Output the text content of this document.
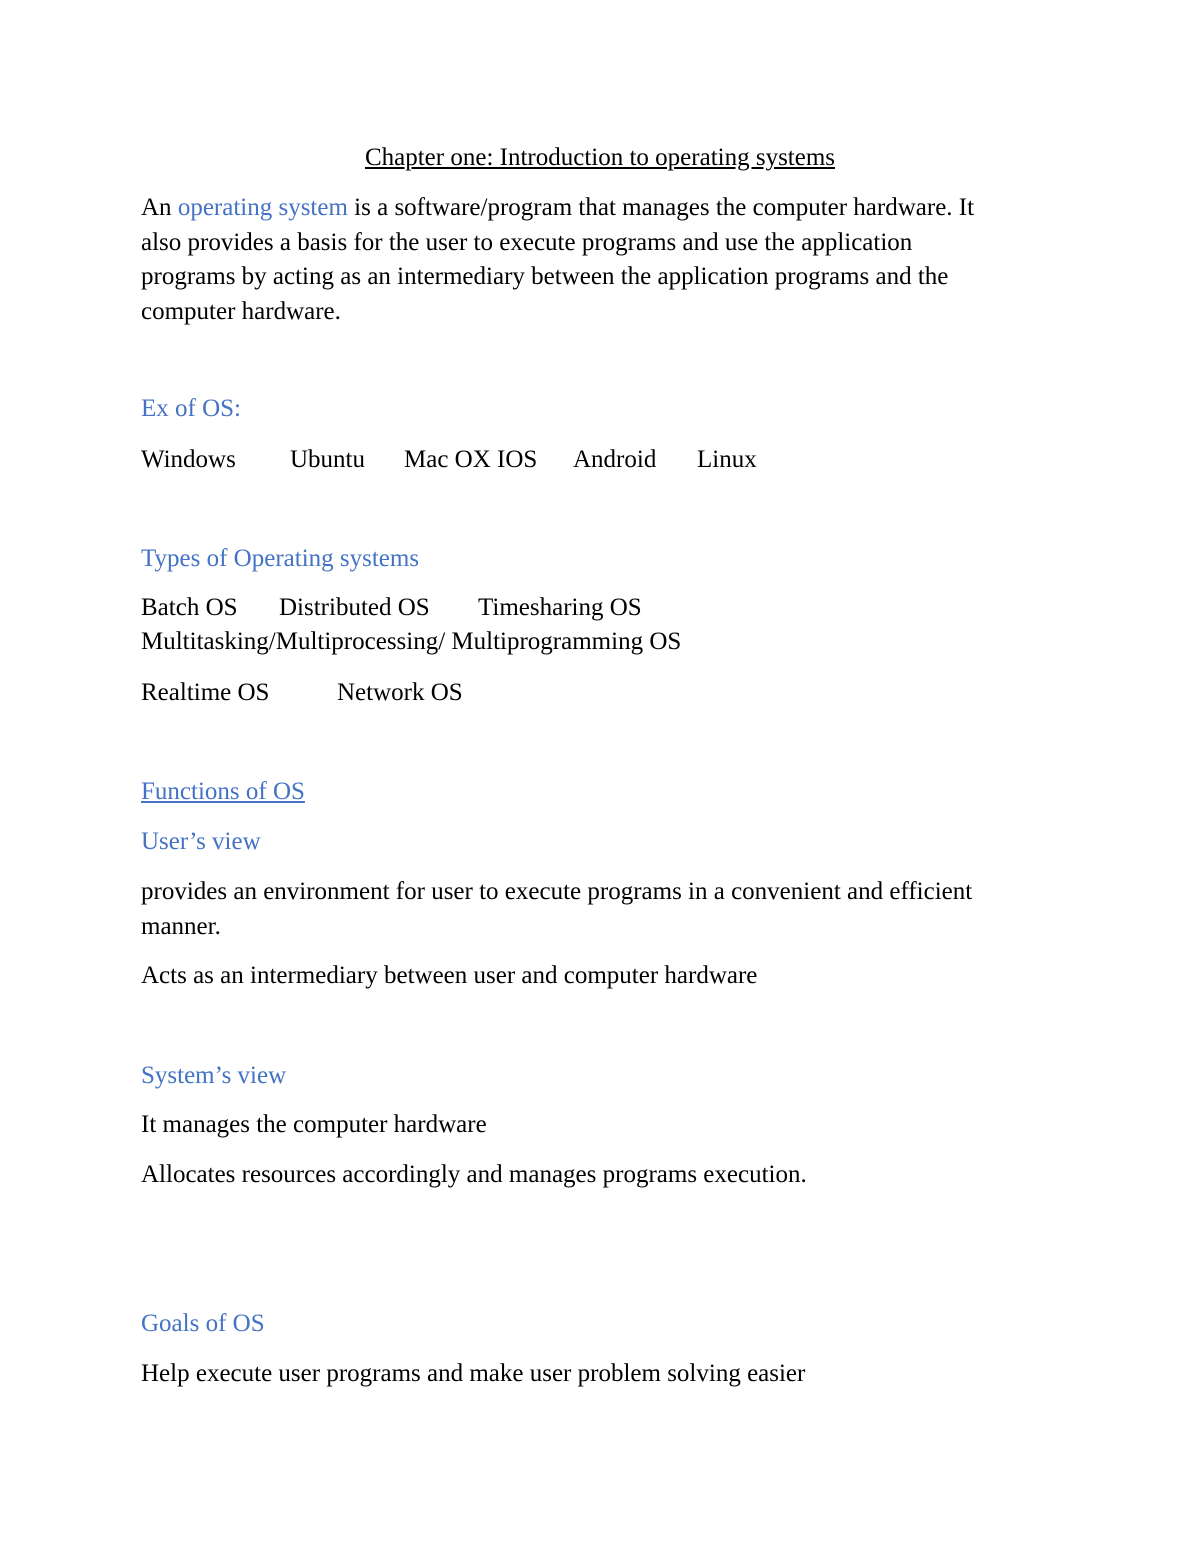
Chapter one: Introduction to operating systems
An operating system is a software/program that manages the computer hardware. It
also provides a basis for the user to execute programs and use the application
programs by acting as an intermediary between the application programs and the
computer hardware.
Ex of OS:
Windows Ubuntu Mac OX IOS Android Linux
Types of Operating systems
Batch OS Distributed OS Timesharing OS
Multitasking/Multiprocessing/ Multiprogramming OS
Realtime OS	Network OS
Functions of OS
User’s view
provides an environment for user to execute programs in a convenient and efficient
manner.
Acts as an intermediary between user and computer hardware
System’s view
It manages the computer hardware
Allocates resources accordingly and manages programs execution.
Goals of OS
Help execute user programs and make user problem solving easier
